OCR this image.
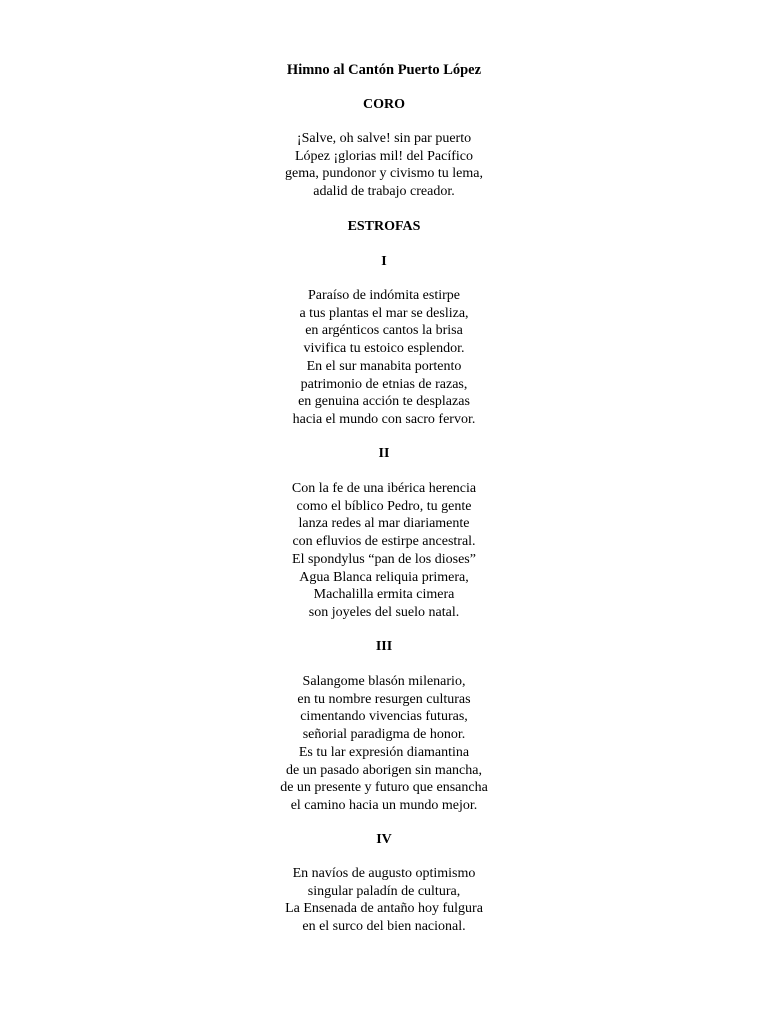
Himno al Cantón Puerto López
CORO
¡Salve, oh salve! sin par puerto
López ¡glorias mil! del Pacífico
gema, pundonor y civismo tu lema,
adalid de trabajo creador.
ESTROFAS
I
Paraíso de indómita estirpe
a tus plantas el mar se desliza,
en argénticos cantos la brisa
vivifica tu estoico esplendor.
En el sur manabita portento
patrimonio de etnias de razas,
en genuina acción te desplazas
hacia el mundo con sacro fervor.
II
Con la fe de una ibérica herencia
como el bíblico Pedro, tu gente
lanza redes al mar diariamente
con efluvios de estirpe ancestral.
El spondylus “pan de los dioses”
Agua Blanca reliquia primera,
Machalilla ermita cimera
son joyeles del suelo natal.
III
Salangome blasón milenario,
en tu nombre resurgen culturas
cimentando vivencias futuras,
señorial paradigma de honor.
Es tu lar expresión diamantina
de un pasado aborigen sin mancha,
de un presente y futuro que ensancha
el camino hacia un mundo mejor.
IV
En navíos de augusto optimismo
singular paladín de cultura,
La Ensenada de antaño hoy fulgura
en el surco del bien nacional.
